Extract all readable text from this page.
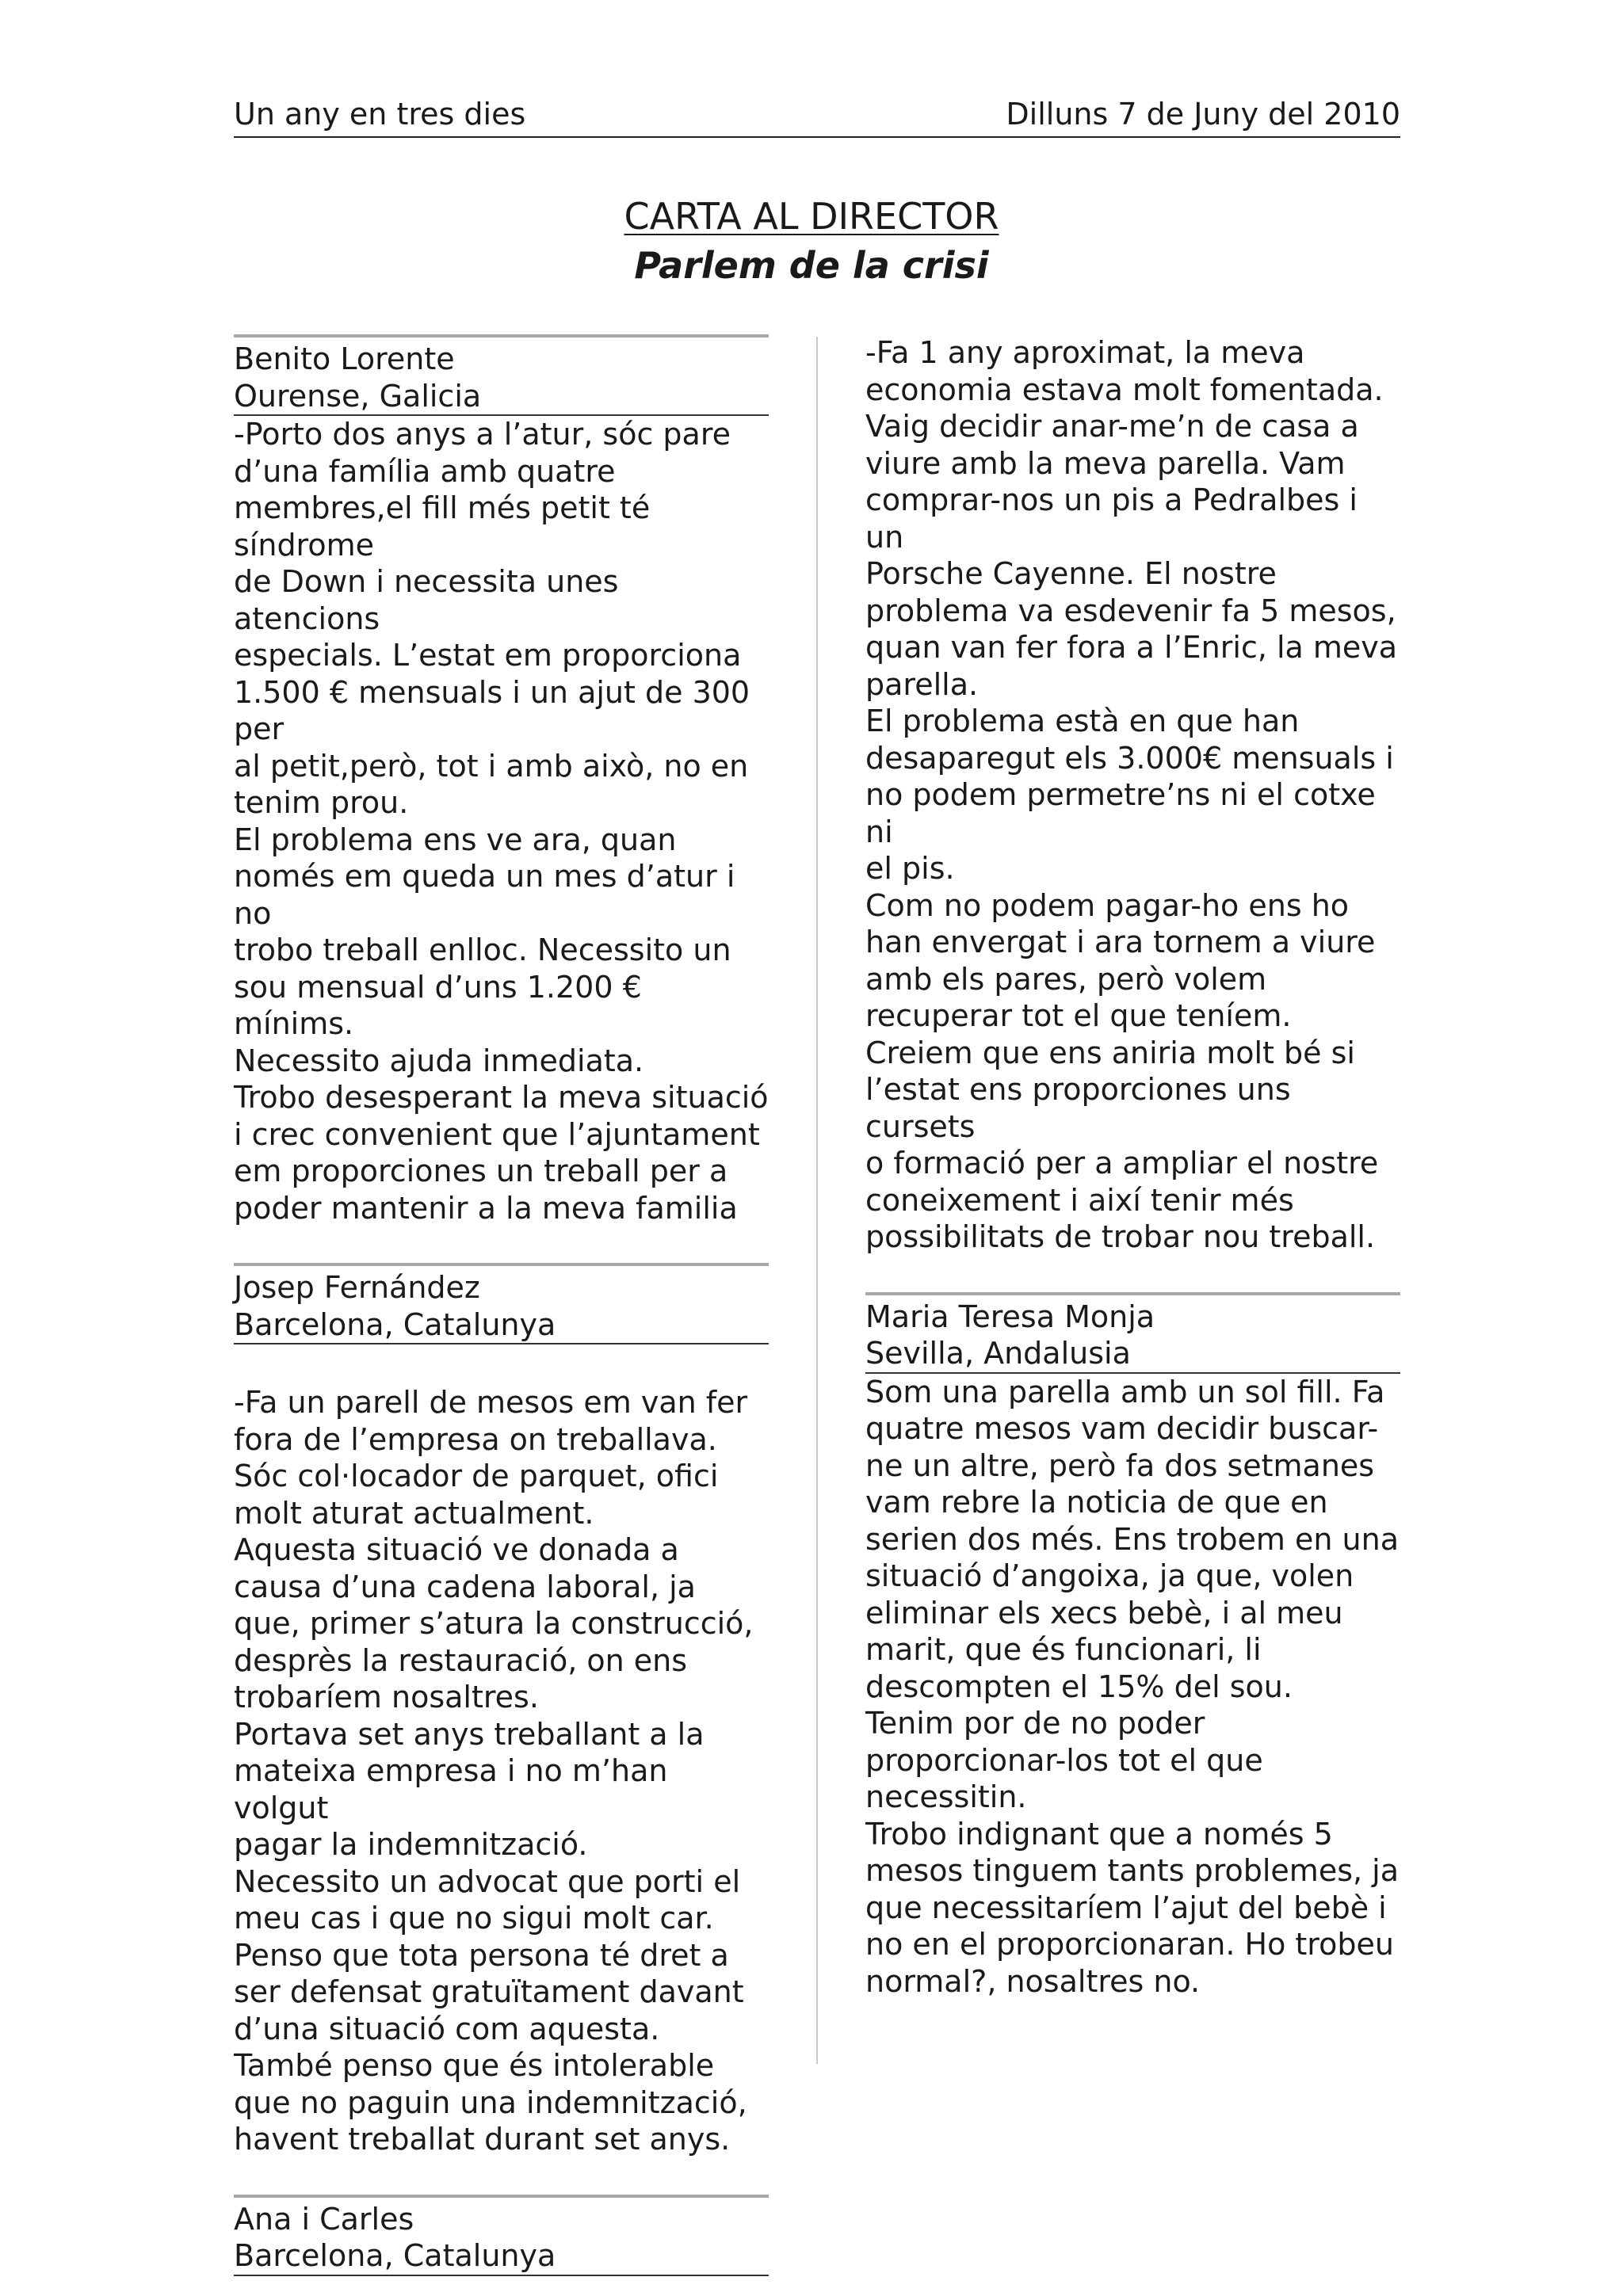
Un any en tres dies	Dilluns 7 de Juny del 2010
CARTA AL DIRECTOR
Parlem de la crisi
Benito Lorente
Ourense, Galicia
-Porto dos anys a l’atur, sóc pare
d’una família amb quatre
membres,el fill més petit té síndrome
de Down i necessita unes atencions
especials. L’estat em proporciona
1.500 € mensuals i un ajut de 300 per
al petit,però, tot i amb això, no en
tenim prou.
El problema ens ve ara, quan
només em queda un mes d’atur i no
trobo treball enlloc. Necessito un
sou mensual d’uns 1.200 € mínims.
Necessito ajuda inmediata.
Trobo desesperant la meva situació
i crec convenient que l’ajuntament
em proporciones un treball per a
poder mantenir a la meva familia
Josep Fernández
Barcelona, Catalunya
-Fa un parell de mesos em van fer
fora de l’empresa on treballava.
Sóc col·locador de parquet, ofici
molt aturat actualment.
Aquesta situació ve donada a
causa d’una cadena laboral, ja
que, primer s’atura la construcció,
desprès la restauració, on ens
trobaríem nosaltres.
Portava set anys treballant a la
mateixa empresa i no m’han volgut
pagar la indemnització.
Necessito un advocat que porti el
meu cas i que no sigui molt car.
Penso que tota persona té dret a
ser defensat gratuïtament davant
d’una situació com aquesta.
També penso que és intolerable
que no paguin una indemnització,
havent treballat durant set anys.
Ana i Carles
Barcelona, Catalunya
-Fa 1 any aproximat, la meva
economia estava molt fomentada.
Vaig decidir anar-me’n de casa a
viure amb la meva parella. Vam
comprar-nos un pis a Pedralbes i un
Porsche Cayenne. El nostre
problema va esdevenir fa 5 mesos,
quan van fer fora a l’Enric, la meva
parella.
El problema està en que han
desaparegut els 3.000€ mensuals i
no podem permetre’ns ni el cotxe ni
el pis.
Com no podem pagar-ho ens ho
han envergat i ara tornem a viure
amb els pares, però volem
recuperar tot el que teníem.
Creiem que ens aniria molt bé si
l’estat ens proporciones uns cursets
o formació per a ampliar el nostre
coneixement i així tenir més
possibilitats de trobar nou treball.
Maria Teresa Monja
Sevilla, Andalusia
Som una parella amb un sol fill. Fa
quatre mesos vam decidir buscar-
ne un altre, però fa dos setmanes
vam rebre la noticia de que en
serien dos més. Ens trobem en una
situació d’angoixa, ja que, volen
eliminar els xecs bebè, i al meu
marit, que és funcionari, li
descompten el 15% del sou.
Tenim por de no poder
proporcionar-los tot el que
necessitin.
Trobo indignant que a només 5
mesos tinguem tants problemes, ja
que necessitaríem l’ajut del bebè i
no en el proporcionaran. Ho trobeu
normal?, nosaltres no.
